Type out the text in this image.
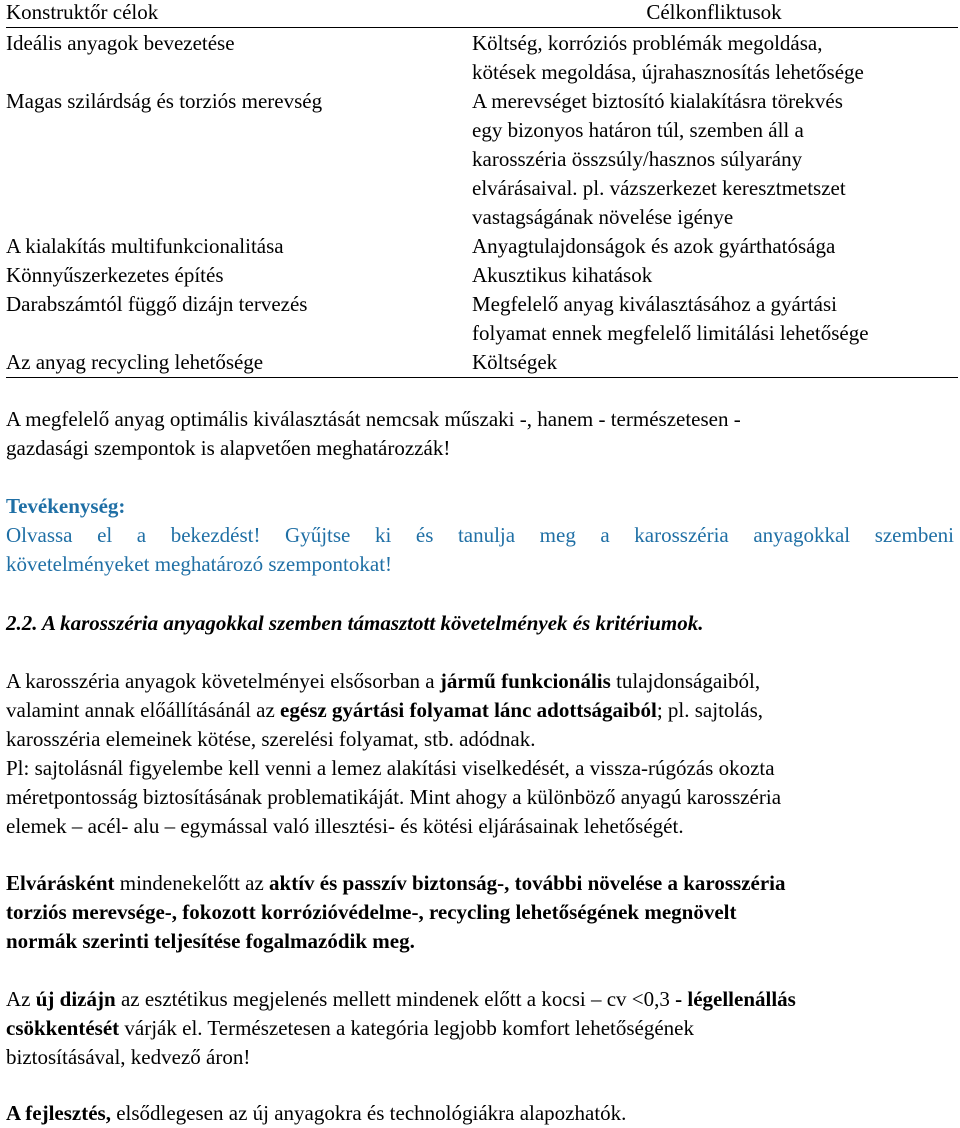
Konstruktőr célok	Célkonfliktusok
Ideális anyagok bevezetése	Költség, korróziós problémák megoldása,
kötések megoldása, újrahasznosítás lehetősége
Magas szilárdság és torziós merevség	A merevséget biztosító kialakításra törekvés
egy bizonyos határon túl, szemben áll a
karosszéria összsúly/hasznos súlyarány
elvárásaival. pl. vázszerkezet keresztmetszet
vastagságának növelése igénye
A kialakítás multifunkcionalitása	Anyagtulajdonságok és azok gyárthatósága
Könnyűszerkezetes építés	Akusztikus kihatások
Darabszámtól függő dizájn tervezés	Megfelelő anyag kiválasztásához a gyártási
folyamat ennek megfelelő limitálási lehetősége
Az anyag recycling lehetősége	Költségek

A megfelelő anyag optimális kiválasztását nemcsak műszaki -, hanem - természetesen -

gazdasági szempontok is alapvetően meghatározzák!

Tevékenység:

Olvassa el a bekezdést! Gyűjtse ki és tanulja meg a karosszéria anyagokkal szembeni

követelményeket meghatározó szempontokat!

2.2. A karosszéria anyagokkal szemben támasztott követelmények és kritériumok.

A karosszéria anyagok követelményei elsősorban a jármű funkcionális tulajdonságaiból,

valamint annak előállításánál az egész gyártási folyamat lánc adottságaiból; pl. sajtolás,

karosszéria elemeinek kötése, szerelési folyamat, stb. adódnak.

Pl: sajtolásnál figyelembe kell venni a lemez alakítási viselkedését, a vissza-rúgózás okozta

méretpontosság biztosításának problematikáját. Mint ahogy a különböző anyagú karosszéria

elemek – acél- alu – egymással való illesztési- és kötési eljárásainak lehetőségét.

Elvárásként mindenekelőtt az aktív és passzív biztonság-, további növelése a karosszéria

torziós merevsége-, fokozott korrózióvédelme-, recycling lehetőségének megnövelt

normák szerinti teljesítése fogalmazódik meg.

Az új dizájn az esztétikus megjelenés mellett mindenek előtt a kocsi – cv <0,3 - légellenállás

csökkentését várják el. Természetesen a kategória legjobb komfort lehetőségének

biztosításával, kedvező áron!

A fejlesztés, elsődlegesen az új anyagokra és technológiákra alapozhatók.
